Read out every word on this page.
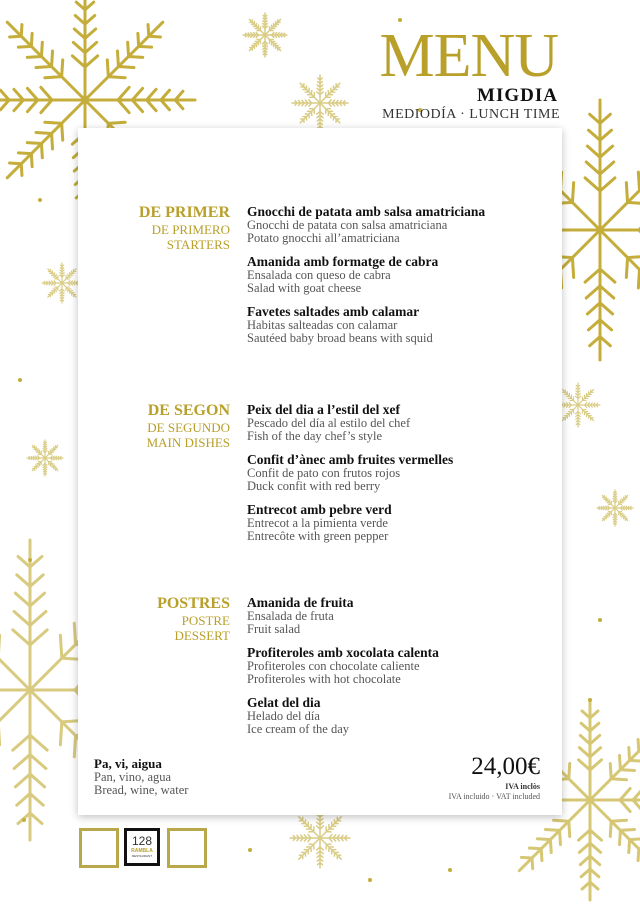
MENU
MIGDIA
MEDIODÍA · LUNCH TIME
DE PRIMER
DE PRIMERO
STARTERS
Gnocchi de patata amb salsa amatriciana
Gnocchi de patata con salsa amatriciana
Potato gnocchi all’amatriciana
Amanida amb formatge de cabra
Ensalada con queso de cabra
Salad with goat cheese
Favetes saltades amb calamar
Habitas salteadas con calamar
Sautéed baby broad beans with squid
DE SEGON
DE SEGUNDO
MAIN DISHES
Peix del dia a l’estil del xef
Pescado del día al estilo del chef
Fish of the day chef’s style
Confit d’ànec amb fruites vermelles
Confit de pato con frutos rojos
Duck confit with red berry
Entrecot amb pebre verd
Entrecot a la pimienta verde
Entrecôte with green pepper
POSTRES
POSTRE
DESSERT
Amanida de fruita
Ensalada de fruta
Fruit salad
Profiteroles amb xocolata calenta
Profiteroles con chocolate caliente
Profiteroles with hot chocolate
Gelat del dia
Helado del día
Ice cream of the day
Pa, vi, aigua
Pan, vino, agua
Bread, wine, water
24,00€
IVA inclòs
IVA incluido · VAT included
128
RAMBLA
RESTAURANT
